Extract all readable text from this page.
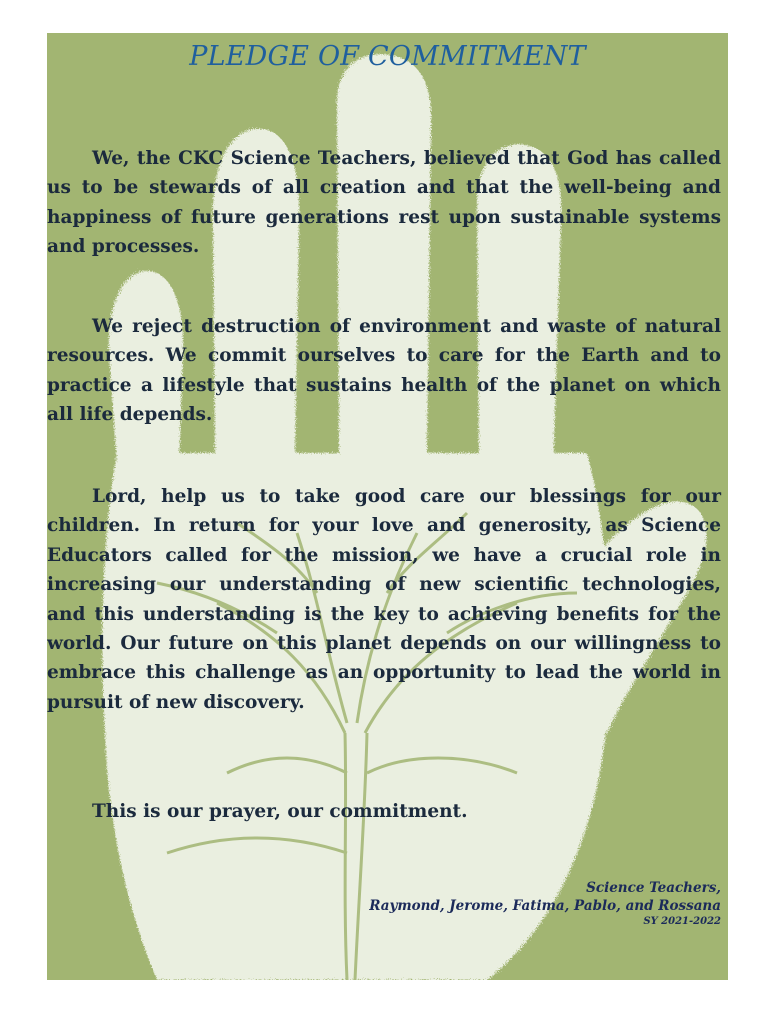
PLEDGE OF COMMITMENT

We, the CKC Science Teachers, believed that God has called us to be stewards of all creation and that the well-being and happiness of future generations rest upon sustainable systems and processes.

We reject destruction of environment and waste of natural resources. We commit ourselves to care for the Earth and to practice a lifestyle that sustains health of the planet on which all life depends.

Lord, help us to take good care our blessings for our children. In return for your love and generosity, as Science Educators called for the mission, we have a crucial role in increasing our understanding of new scientific technologies, and this understanding is the key to achieving benefits for the world. Our future on this planet depends on our willingness to embrace this challenge as an opportunity to lead the world in pursuit of new discovery.

This is our prayer, our commitment.

Science Teachers,
Raymond, Jerome, Fatima, Pablo, and Rossana
SY 2021-2022
